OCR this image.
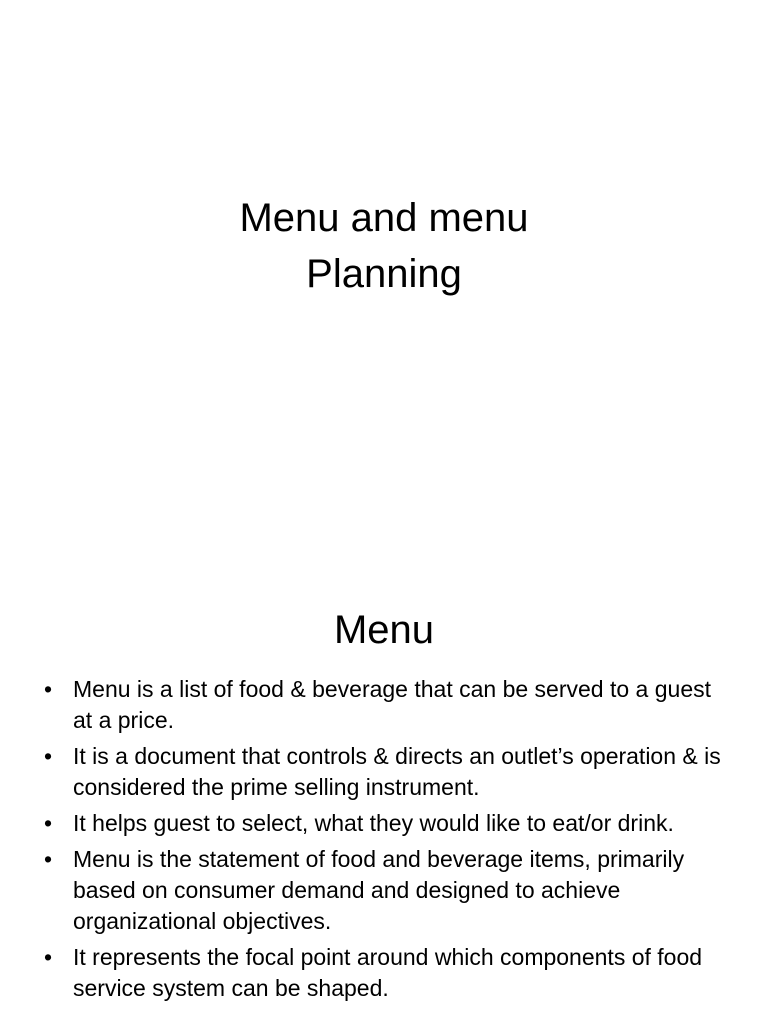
Menu and menu
Planning
Menu
• Menu is a list of food & beverage that can be served to a guest at a price.
• It is a document that controls & directs an outlet’s operation & is considered the prime selling instrument.
• It helps guest to select, what they would like to eat/or drink.
• Menu is the statement of food and beverage items, primarily based on consumer demand and designed to achieve organizational objectives.
• It represents the focal point around which components of food service system can be shaped.
